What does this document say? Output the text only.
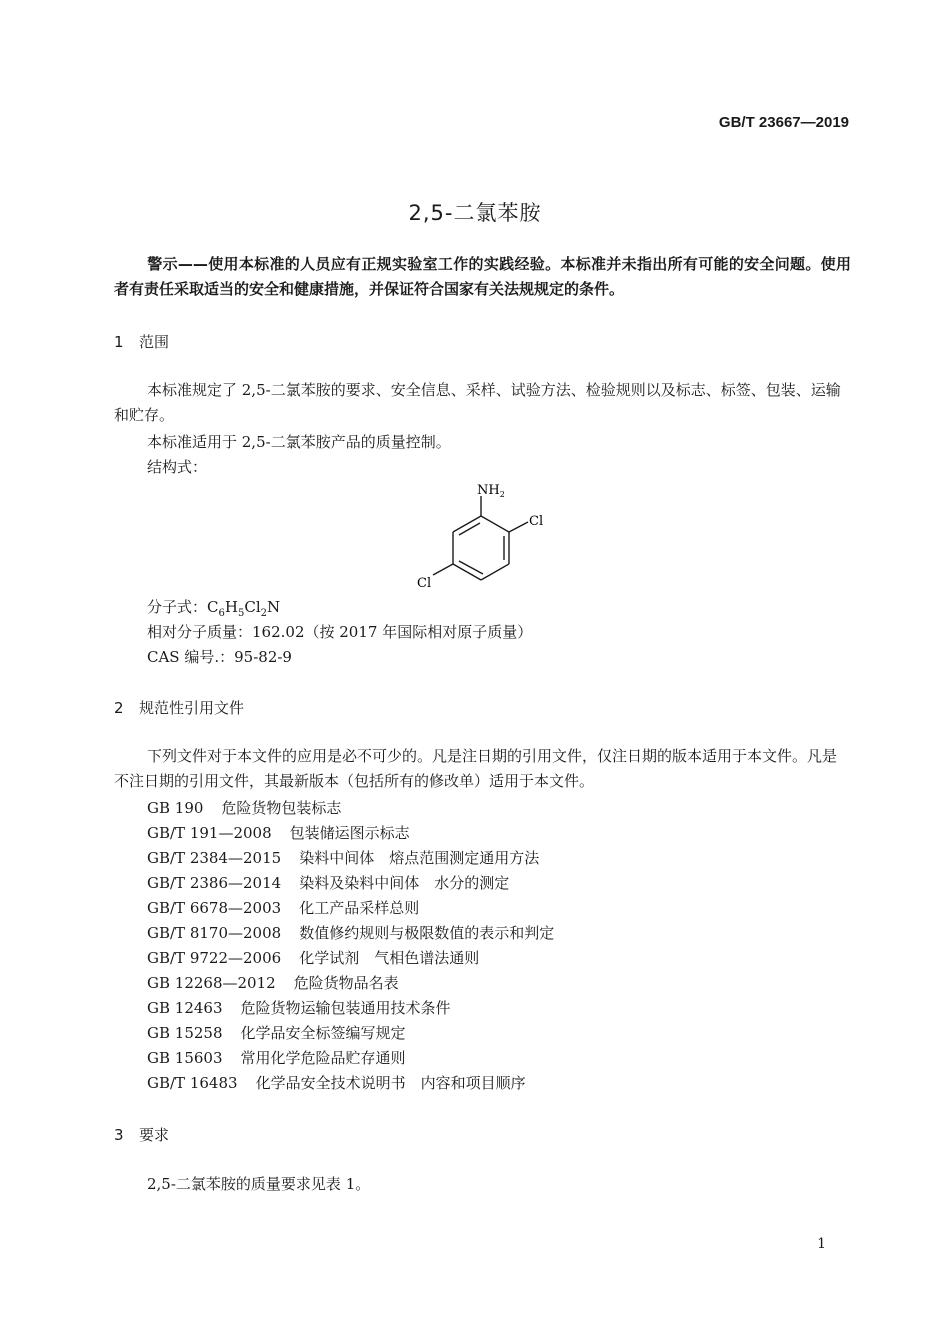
GB/T 23667—2019
2,5-二氯苯胺
警示——使用本标准的人员应有正规实验室工作的实践经验。本标准并未指出所有可能的安全问题。使用者有责任采取适当的安全和健康措施，并保证符合国家有关法规规定的条件。
1 范围
本标准规定了 2,5-二氯苯胺的要求、安全信息、采样、试验方法、检验规则以及标志、标签、包装、运输和贮存。
本标准适用于 2,5-二氯苯胺产品的质量控制。
结构式：
$NH_2$
Cl
Cl
分子式：$C_6H_5Cl_2N$
相对分子质量：162.02（按 2017 年国际相对原子质量）
CAS 编号.：95-82-9
2 规范性引用文件
下列文件对于本文件的应用是必不可少的。凡是注日期的引用文件，仅注日期的版本适用于本文件。凡是不注日期的引用文件，其最新版本（包括所有的修改单）适用于本文件。
GB 190 危险货物包装标志
GB/T 191—2008 包装储运图示标志
GB/T 2384—2015 染料中间体　熔点范围测定通用方法
GB/T 2386—2014 染料及染料中间体　水分的测定
GB/T 6678—2003 化工产品采样总则
GB/T 8170—2008 数值修约规则与极限数值的表示和判定
GB/T 9722—2006 化学试剂　气相色谱法通则
GB 12268—2012 危险货物品名表
GB 12463 危险货物运输包装通用技术条件
GB 15258 化学品安全标签编写规定
GB 15603 常用化学危险品贮存通则
GB/T 16483 化学品安全技术说明书　内容和项目顺序
3 要求
2,5-二氯苯胺的质量要求见表 1。
1
